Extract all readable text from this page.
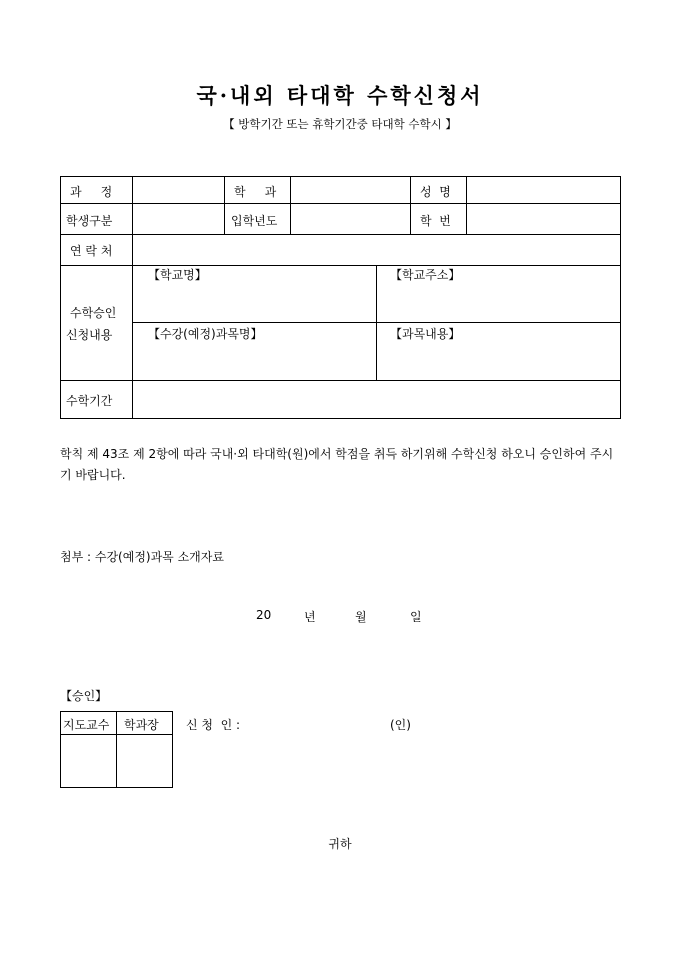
국·내외 타대학 수학신청서
【 방학기간 또는 휴학기간중 타대학 수학시 】
과     정	학     과	성  명
학생구분	입학년도	학  번
연 락 처
수학승인
신청내용
【학교명】	【학교주소】
【수강(예정)과목명】	【과목내용】
수학기간
학칙 제 43조 제 2항에 따라 국내·외 타대학(원)에서 학점을 취득 하기위해 수학신청 하오니 승인하여 주시기 바랍니다.
첨부 : 수강(예정)과목 소개자료
20	년	월	일
【승인】
지도교수 학과장 신 청  인 :	(인)
귀하
